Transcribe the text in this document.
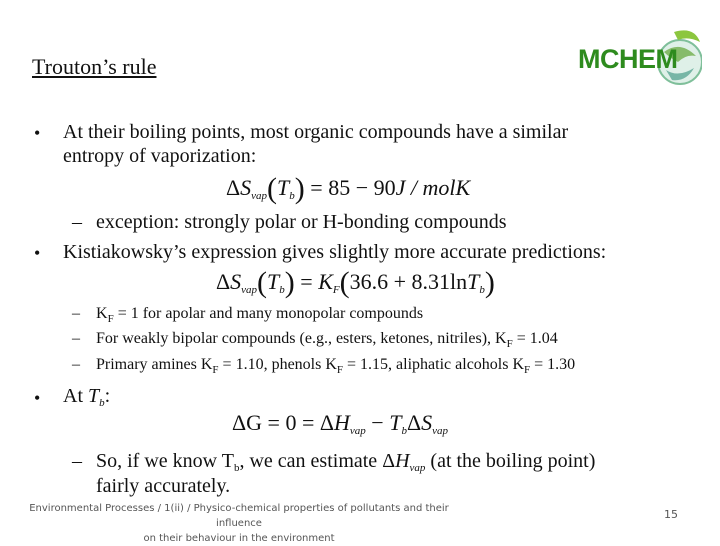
Trouton’s rule	MCHEM
• At their boiling points, most organic compounds have a similar
entropy of vaporization:
ΔSvap(Tb) = 85 − 90J / molK
– exception: strongly polar or H-bonding compounds
• Kistiakowsky’s expression gives slightly more accurate predictions:
ΔSvap(Tb) = KF(36.6 + 8.31lnTb)
– $K_F = 1$ for apolar and many monopolar compounds
– For weakly bipolar compounds (e.g., esters, ketones, nitriles), $K_F = 1.04$
– Primary amines $K_F = 1.10$, phenols $K_F = 1.15$, aliphatic alcohols $K_F = 1.30$
• At $T_b$:
ΔG = 0 = ΔHvap − TbΔSvap
– So, if we know $T_b$, we can estimate $\Delta H_{vap}$ (at the boiling point)
fairly accurately.
Environmental Processes / 1(ii) / Physico-chemical properties of pollutants and their influence
on their behaviour in the environment
15
